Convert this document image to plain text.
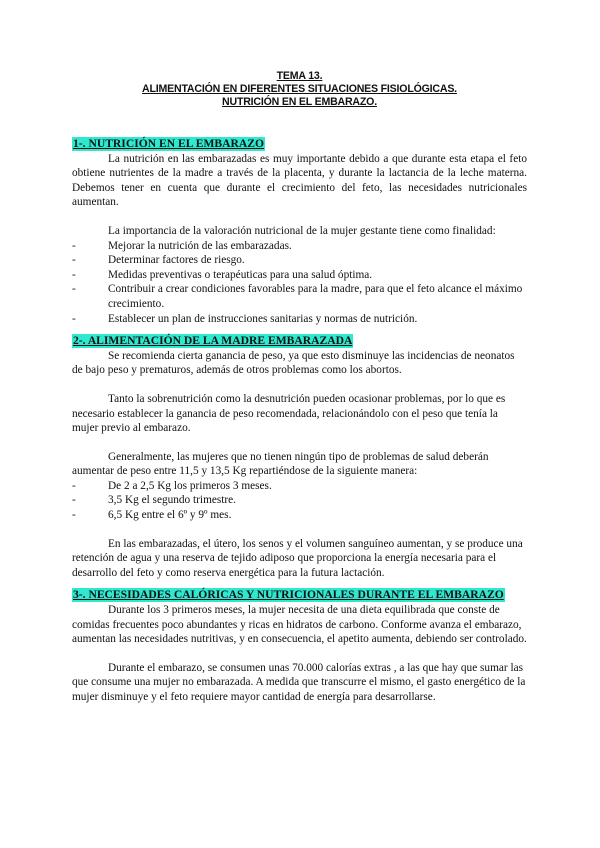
TEMA 13.
ALIMENTACIÓN EN DIFERENTES SITUACIONES FISIOLÓGICAS.
NUTRICIÓN EN EL EMBARAZO.
1-. NUTRICIÓN EN EL EMBARAZO

La nutrición en las embarazadas es muy importante debido a que durante esta etapa el feto obtiene nutrientes de la madre a través de la placenta, y durante la lactancia de la leche materna. Debemos tener en cuenta que durante el crecimiento del feto, las necesidades nutricionales aumentan.

La importancia de la valoración nutricional de la mujer gestante tiene como finalidad:

-	Mejorar la nutrición de las embarazadas.
-	Determinar factores de riesgo.
-	Medidas preventivas o terapéuticas para una salud óptima.
-	Contribuir a crear condiciones favorables para la madre, para que el feto alcance el máximo crecimiento.
-	Establecer un plan de instrucciones sanitarias y normas de nutrición.
2-. ALIMENTACIÓN DE LA MADRE EMBARAZADA

Se recomienda cierta ganancia de peso, ya que esto disminuye las incidencias de neonatos de bajo peso y prematuros, además de otros problemas como los abortos.

Tanto la sobrenutrición como la desnutrición pueden ocasionar problemas, por lo que es necesario establecer la ganancia de peso recomendada, relacionándolo con el peso que tenía la mujer previo al embarazo.

Generalmente, las mujeres que no tienen ningún tipo de problemas de salud deberán aumentar de peso entre 11,5 y 13,5 Kg repartiéndose de la siguiente manera:

-	De 2 a 2,5 Kg los primeros 3 meses.
-	3,5 Kg el segundo trimestre.
-	6,5 Kg entre el 6º y 9º mes.

En las embarazadas, el útero, los senos y el volumen sanguíneo aumentan, y se produce una retención de agua y una reserva de tejido adiposo que proporciona la energía necesaria para el desarrollo del feto y como reserva energética para la futura lactación.

3-. NECESIDADES CALÓRICAS Y NUTRICIONALES DURANTE EL EMBARAZO

Durante los 3 primeros meses, la mujer necesita de una dieta equilibrada que conste de comidas frecuentes poco abundantes y ricas en hidratos de carbono. Conforme avanza el embarazo, aumentan las necesidades nutritivas, y en consecuencia, el apetito aumenta, debiendo ser controlado.

Durante el embarazo, se consumen unas 70.000 calorías extras , a las que hay que sumar las que consume una mujer no embarazada. A medida que transcurre el mismo, el gasto energético de la mujer disminuye y el feto requiere mayor cantidad de energía para desarrollarse.
